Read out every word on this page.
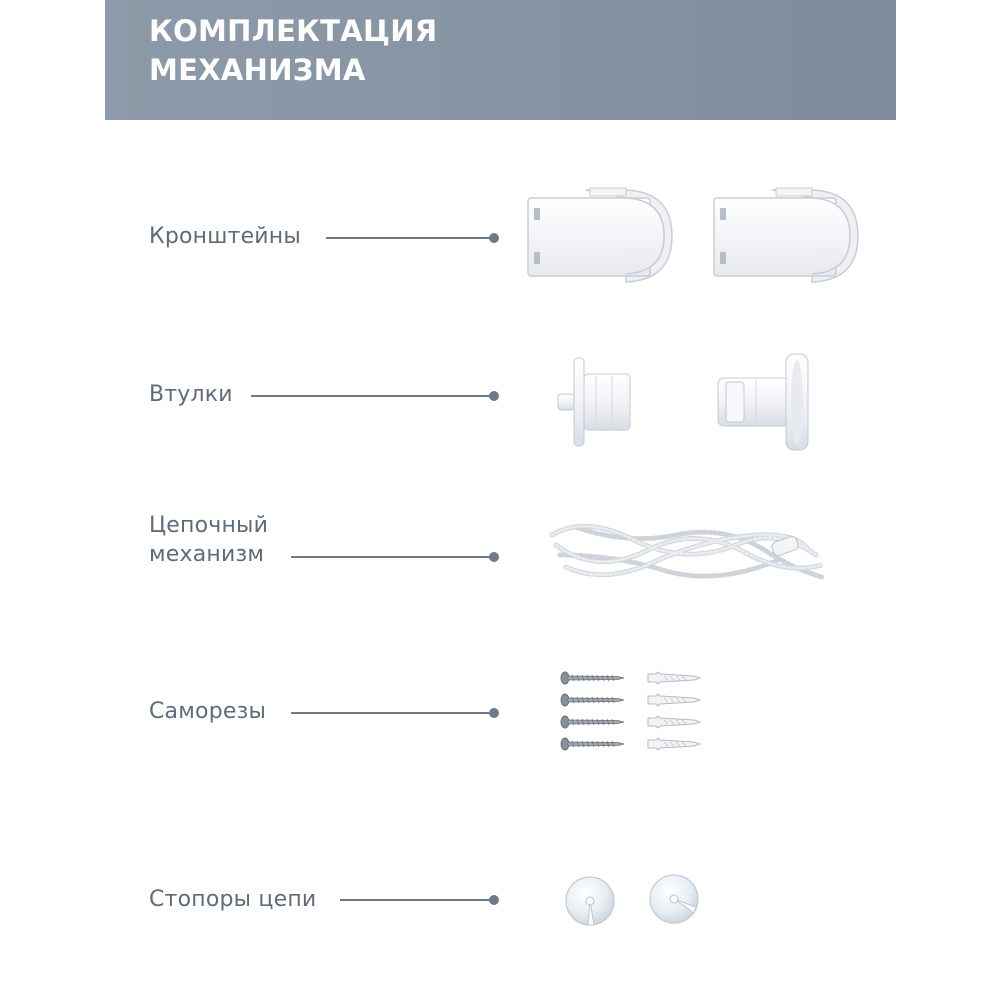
КОМПЛЕКТАЦИЯ
МЕХАНИЗМА

Кронштейны

Втулки

Цепочный
механизм

Саморезы

Стопоры цепи
